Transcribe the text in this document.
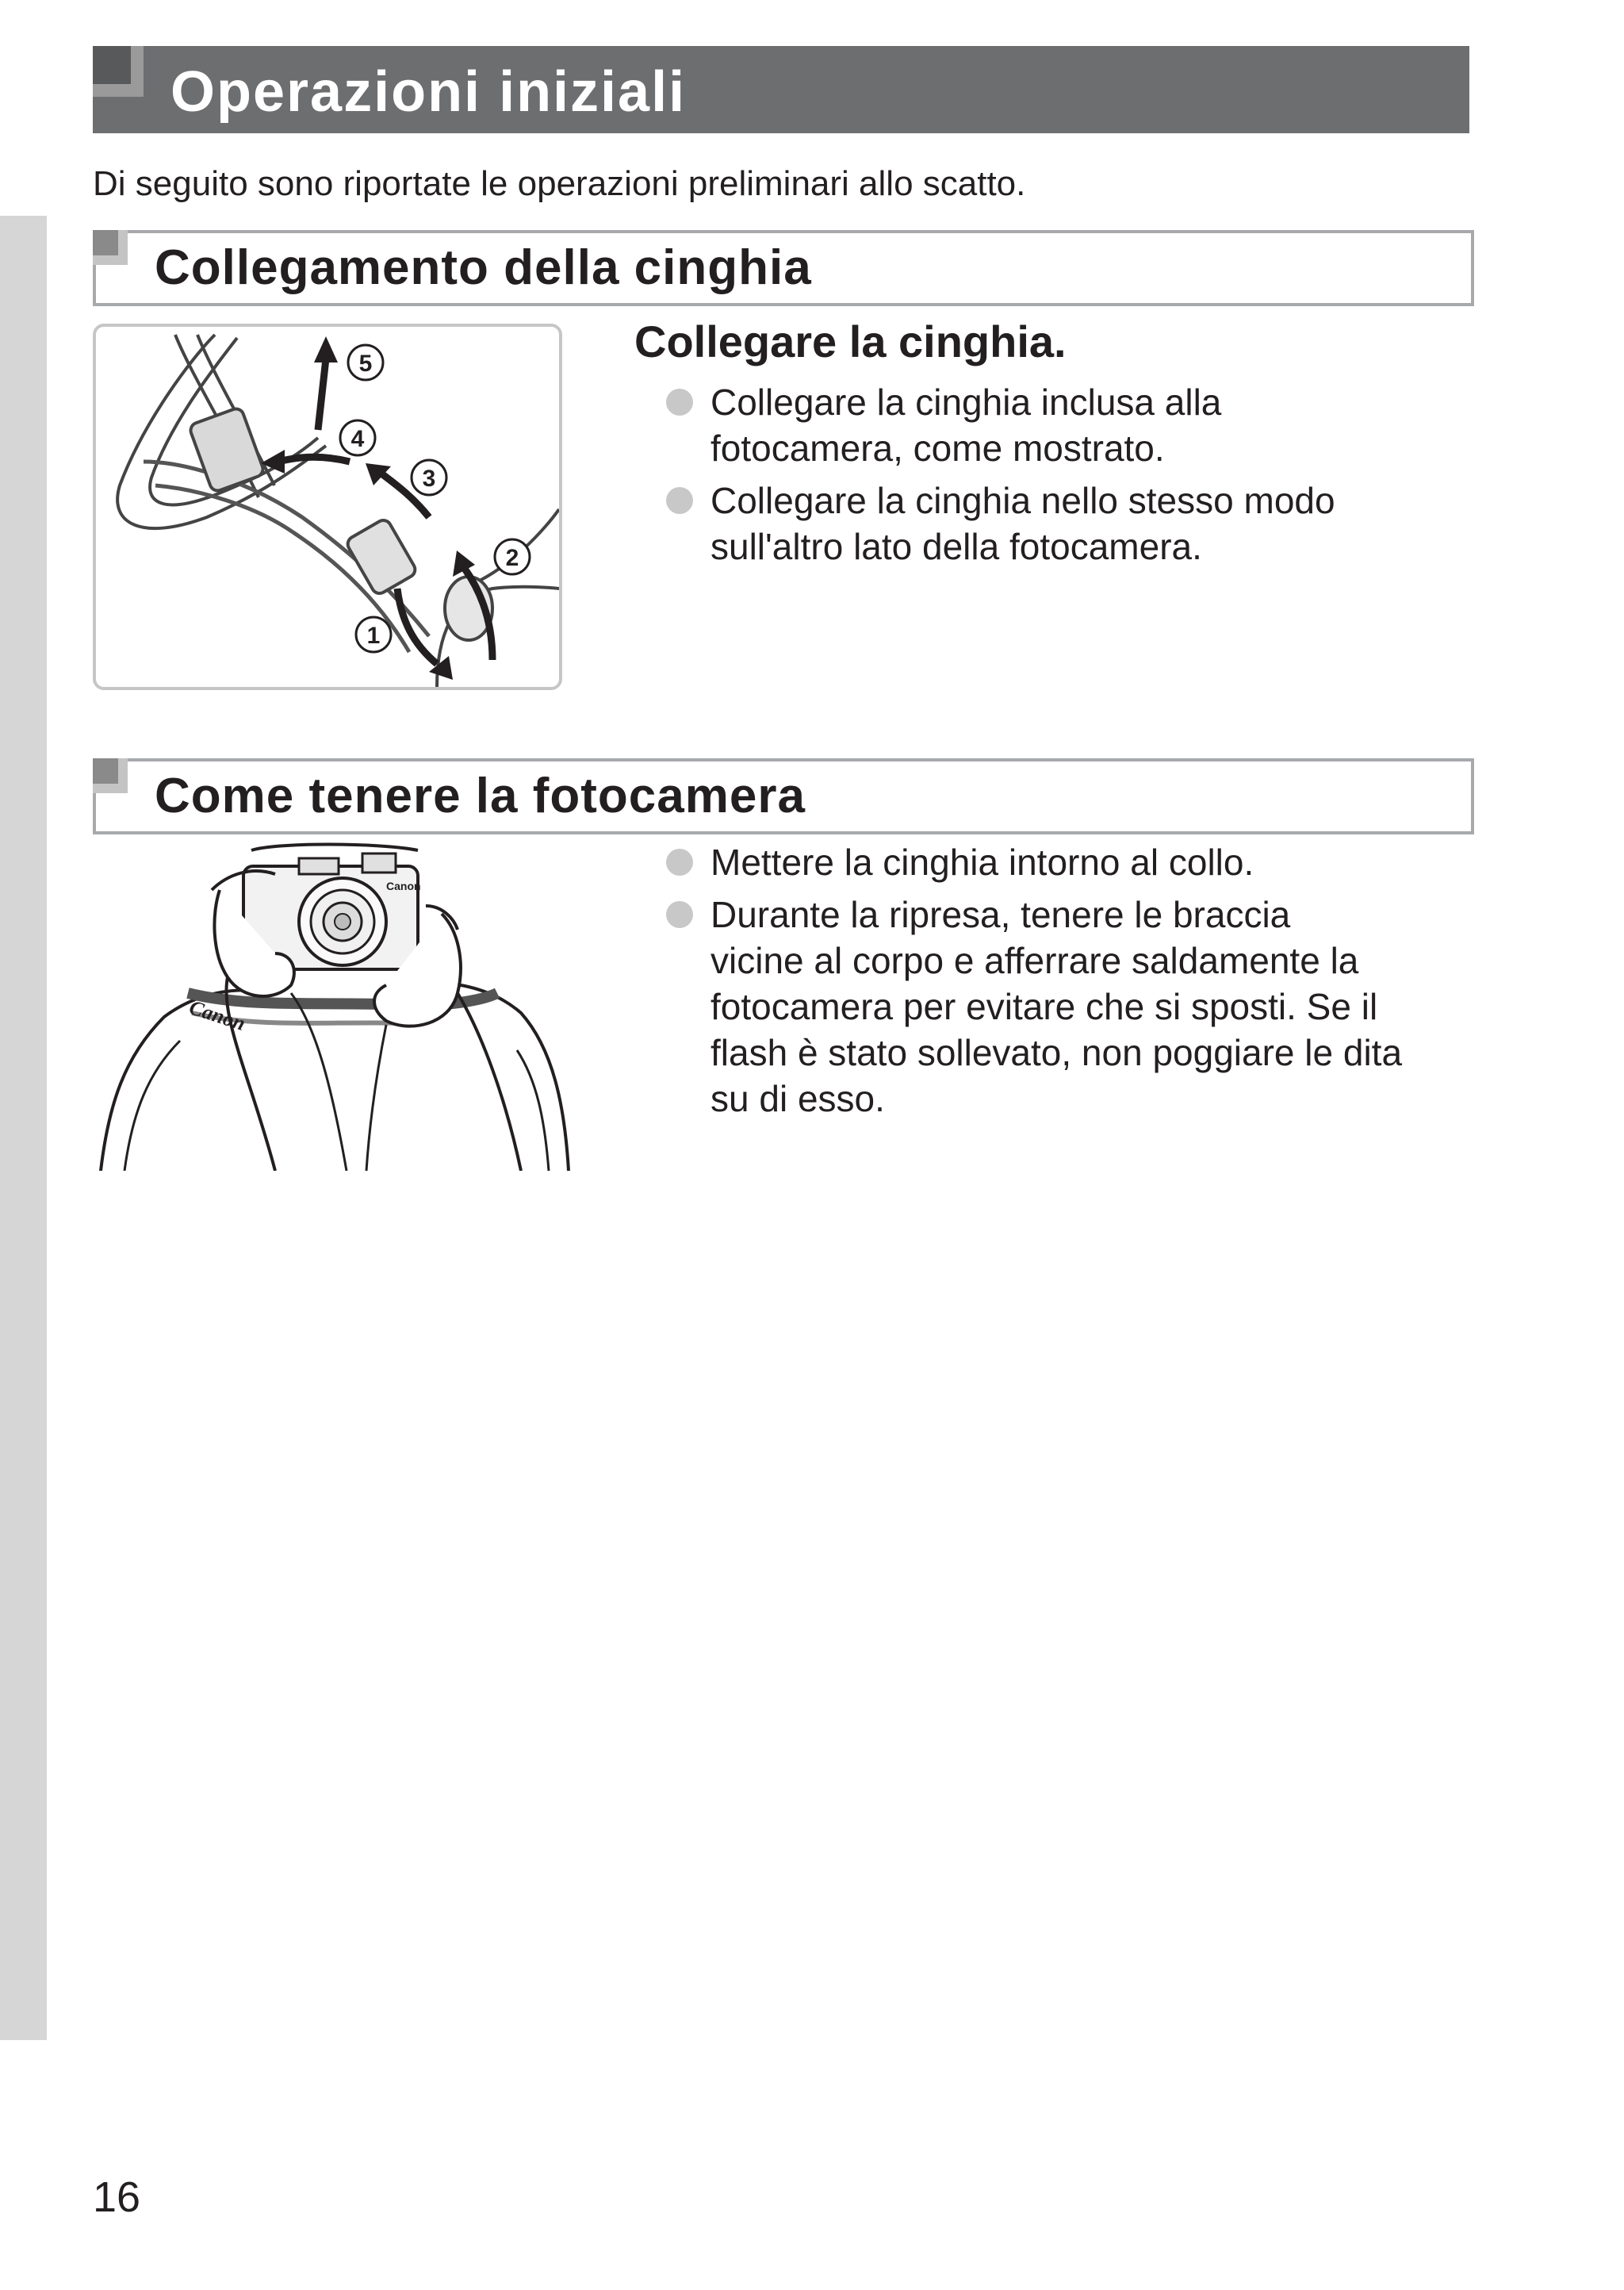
Operazioni iniziali
Di seguito sono riportate le operazioni preliminari allo scatto.
Collegamento della cinghia
5
4
3
2
1
Collegare la cinghia.
Collegare la cinghia inclusa alla
fotocamera, come mostrato.
Collegare la cinghia nello stesso modo
sull'altro lato della fotocamera.
Come tenere la fotocamera
Canon
Canon
Mettere la cinghia intorno al collo.
Durante la ripresa, tenere le braccia
vicine al corpo e afferrare saldamente la
fotocamera per evitare che si sposti. Se il
flash è stato sollevato, non poggiare le dita
su di esso.
16
